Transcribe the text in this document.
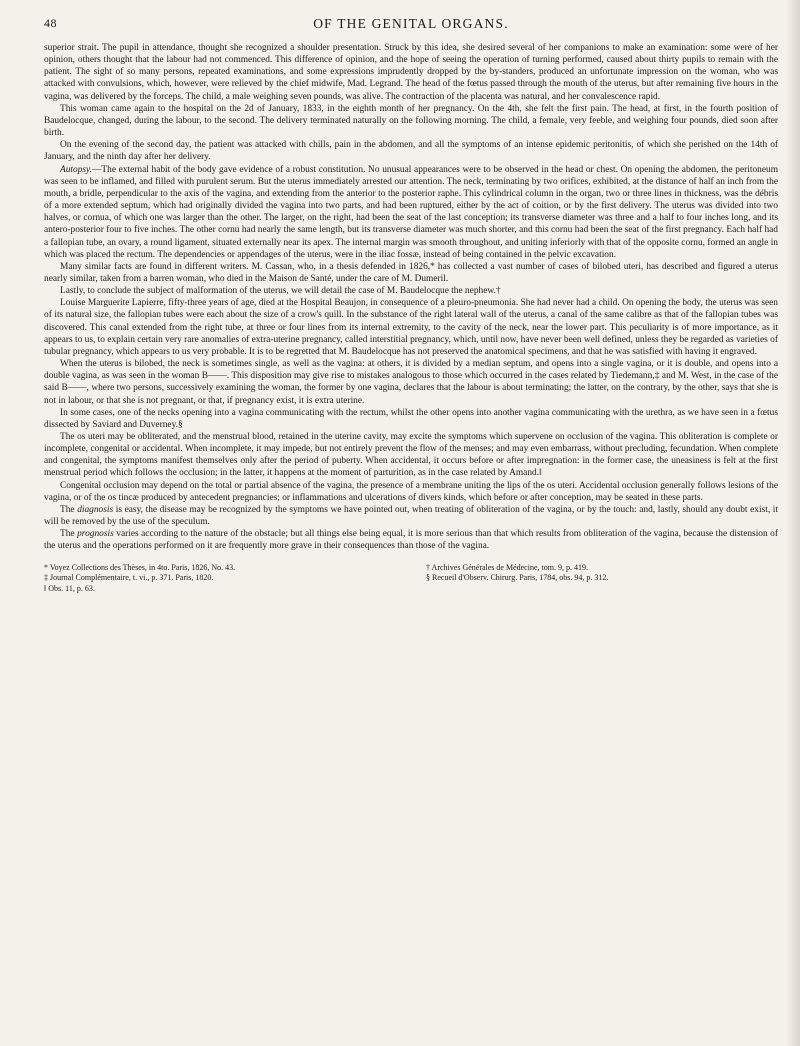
48	OF THE GENITAL ORGANS.

superior strait. The pupil in attendance, thought she recognized a shoulder presentation. Struck by this idea, she desired several of her companions to make an examination: some were of her opinion, others thought that the labour had not commenced. This difference of opinion, and the hope of seeing the operation of turning performed, caused about thirty pupils to remain with the patient. The sight of so many persons, repeated examinations, and some expressions imprudently dropped by the by-standers, produced an unfortunate impression on the woman, who was attacked with convulsions, which, however, were relieved by the chief midwife, Mad. Legrand. The head of the fœtus passed through the mouth of the uterus, but after remaining five hours in the vagina, was delivered by the forceps. The child, a male weighing seven pounds, was alive. The contraction of the placenta was natural, and her convalescence rapid.

This woman came again to the hospital on the 2d of January, 1833, in the eighth month of her pregnancy. On the 4th, she felt the first pain. The head, at first, in the fourth position of Baudelocque, changed, during the labour, to the second. The delivery terminated naturally on the following morning. The child, a female, very feeble, and weighing four pounds, died soon after birth.

On the evening of the second day, the patient was attacked with chills, pain in the abdomen, and all the symptoms of an intense epidemic peritonitis, of which she perished on the 14th of January, and the ninth day after her delivery.

Autopsy.—The external habit of the body gave evidence of a robust constitution. No unusual appearances were to be observed in the head or chest. On opening the abdomen, the peritoneum was seen to be inflamed, and filled with purulent serum. But the uterus immediately arrested our attention. The neck, terminating by two orifices, exhibited, at the distance of half an inch from the mouth, a bridle, perpendicular to the axis of the vagina, and extending from the anterior to the posterior raphe. This cylindrical column in the organ, two or three lines in thickness, was the débris of a more extended septum, which had originally divided the vagina into two parts, and had been ruptured, either by the act of coition, or by the first delivery. The uterus was divided into two halves, or cornua, of which one was larger than the other. The larger, on the right, had been the seat of the last conception; its transverse diameter was three and a half to four inches long, and its antero-posterior four to five inches. The other cornu had nearly the same length, but its transverse diameter was much shorter, and this cornu had been the seat of the first pregnancy. Each half had a fallopian tube, an ovary, a round ligament, situated externally near its apex. The internal margin was smooth throughout, and uniting inferiorly with that of the opposite cornu, formed an angle in which was placed the rectum. The dependencies or appendages of the uterus, were in the iliac fossæ, instead of being contained in the pelvic excavation.

Many similar facts are found in different writers. M. Cassan, who, in a thesis defended in 1826,* has collected a vast number of cases of bilobed uteri, has described and figured a uterus nearly similar, taken from a barren woman, who died in the Maison de Santé, under the care of M. Dumeril.

Lastly, to conclude the subject of malformation of the uterus, we will detail the case of M. Baudelocque the nephew.†

Louise Marguerite Lapierre, fifty-three years of age, died at the Hospital Beaujon, in consequence of a pleuro-pneumonia. She had never had a child. On opening the body, the uterus was seen of its natural size, the fallopian tubes were each about the size of a crow's quill. In the substance of the right lateral wall of the uterus, a canal of the same calibre as that of the fallopian tubes was discovered. This canal extended from the right tube, at three or four lines from its internal extremity, to the cavity of the neck, near the lower part. This peculiarity is of more importance, as it appears to us, to explain certain very rare anomalies of extra-uterine pregnancy, called interstitial pregnancy, which, until now, have never been well defined, unless they be regarded as varieties of tubular pregnancy, which appears to us very probable. It is to be regretted that M. Baudelocque has not preserved the anatomical specimens, and that he was satisfied with having it engraved.

When the uterus is bilobed, the neck is sometimes single, as well as the vagina: at others, it is divided by a median septum, and opens into a single vagina, or it is double, and opens into a double vagina, as was seen in the woman B——. This disposition may give rise to mistakes analogous to those which occurred in the cases related by Tiedemann,‡ and M. West, in the case of the said B——, where two persons, successively examining the woman, the former by one vagina, declares that the labour is about terminating; the latter, on the contrary, by the other, says that she is not in labour, or that she is not pregnant, or that, if pregnancy exist, it is extra uterine.

In some cases, one of the necks opening into a vagina communicating with the rectum, whilst the other opens into another vagina communicating with the urethra, as we have seen in a fœtus dissected by Saviard and Duverney.§

The os uteri may be obliterated, and the menstrual blood, retained in the uterine cavity, may excite the symptoms which supervene on occlusion of the vagina. This obliteration is complete or incomplete, congenital or accidental. When incomplete, it may impede, but not entirely prevent the flow of the menses; and may even embarrass, without precluding, fecundation. When complete and congenital, the symptoms manifest themselves only after the period of puberty. When accidental, it occurs before or after impregnation: in the former case, the uneasiness is felt at the first menstrual period which follows the occlusion; in the latter, it happens at the moment of parturition, as in the case related by Amand.‖

Congenital occlusion may depend on the total or partial absence of the vagina, the presence of a membrane uniting the lips of the os uteri. Accidental occlusion generally follows lesions of the vagina, or of the os tincæ produced by antecedent pregnancies; or inflammations and ulcerations of divers kinds, which before or after conception, may be seated in these parts.

The diagnosis is easy, the disease may be recognized by the symptoms we have pointed out, when treating of obliteration of the vagina, or by the touch: and, lastly, should any doubt exist, it will be removed by the use of the speculum.

The prognosis varies according to the nature of the obstacle; but all things else being equal, it is more serious than that which results from obliteration of the vagina, because the distension of the uterus and the operations performed on it are frequently more grave in their consequences than those of the vagina.

* Voyez Collections des Thèses, in 4to. Paris, 1826, No. 43.
‡ Journal Complémentaire, t. vi., p. 371. Paris, 1820.
‖ Obs. 11, p. 63.
† Archives Générales de Médecine, tom. 9, p. 419.
§ Recueil d'Observ. Chirurg. Paris, 1784, obs. 94, p. 312.
